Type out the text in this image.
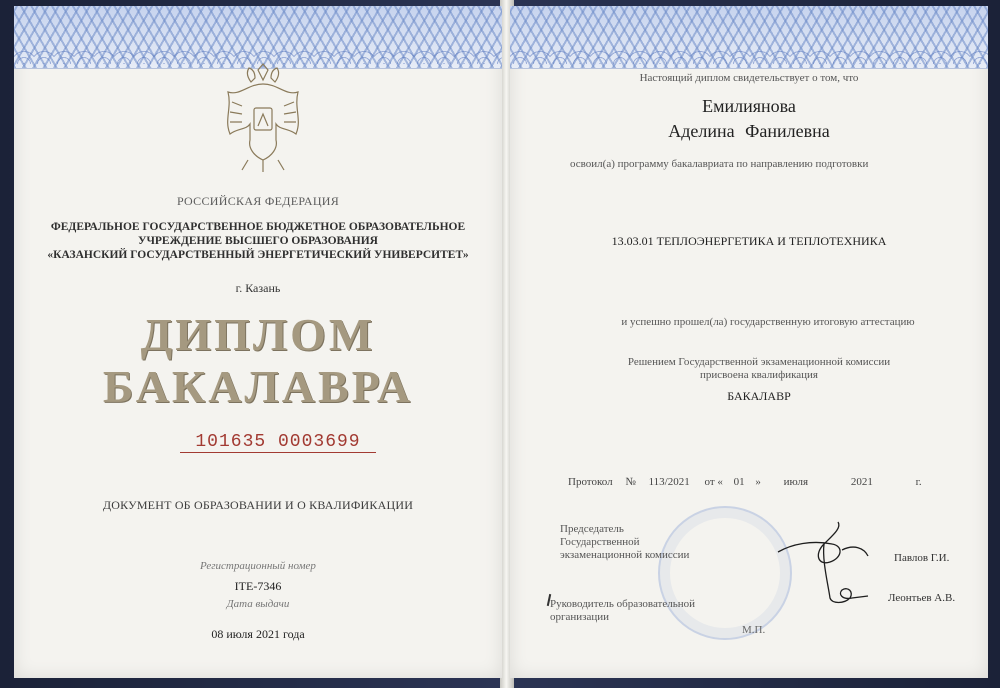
РОССИЙСКАЯ ФЕДЕРАЦИЯ
ФЕДЕРАЛЬНОЕ ГОСУДАРСТВЕННОЕ БЮДЖЕТНОЕ ОБРАЗОВАТЕЛЬНОЕ
УЧРЕЖДЕНИЕ ВЫСШЕГО ОБРАЗОВАНИЯ
«КАЗАНСКИЙ ГОСУДАРСТВЕННЫЙ ЭНЕРГЕТИЧЕСКИЙ УНИВЕРСИТЕТ»
г. Казань
ДИПЛОМ
БАКАЛАВРА
101635 0003699
ДОКУМЕНТ ОБ ОБРАЗОВАНИИ И О КВАЛИФИКАЦИИ
Регистрационный номер
ITE-7346
Дата выдачи
08 июля 2021 года
Настоящий диплом свидетельствует о том, что
Емилиянова
Аделина Фанилевна
освоил(а) программу бакалавриата по направлению подготовки
13.03.01 ТЕПЛОЭНЕРГЕТИКА И ТЕПЛОТЕХНИКА
и успешно прошел(ла) государственную итоговую аттестацию
Решением Государственной экзаменационной комиссии
присвоена квалификация
БАКАЛАВР
Протокол № 113/2021 от « 01 » июля	2021	г.
Председатель
Государственной
экзаменационной комиссии	Павлов Г.И.
Руководитель образовательной
организации
Леонтьев А.В.
М.П.
